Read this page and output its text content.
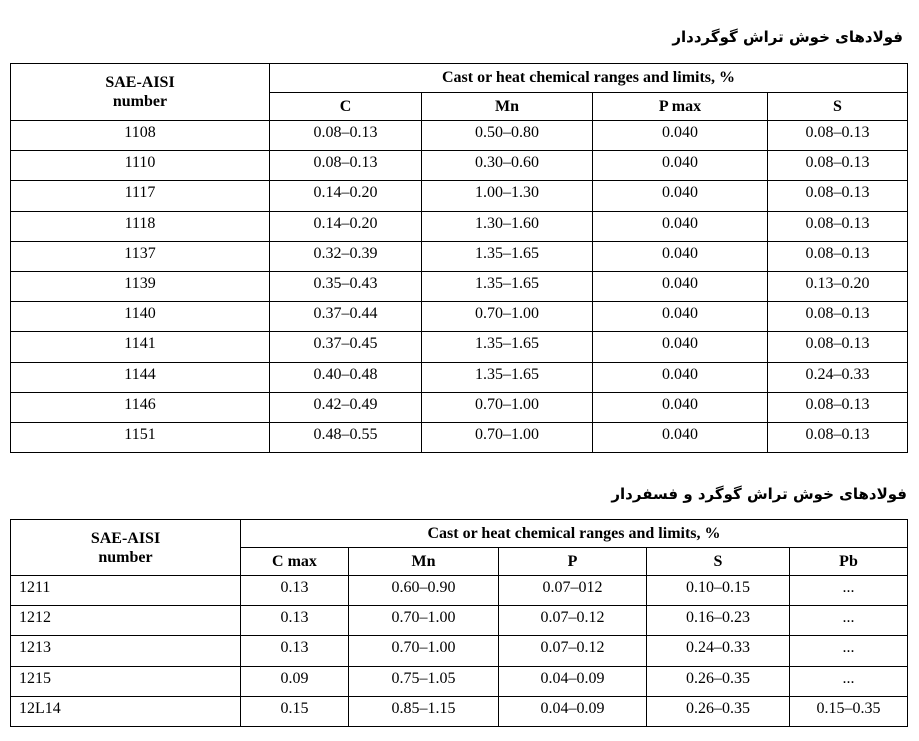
فولادهای خوش تراش گوگرددار
SAE-AISI
number	Cast or heat chemical ranges and limits, %			
	C	Mn	P max	S
1108	0.08–0.13	0.50–0.80	0.040	0.08–0.13
1110	0.08–0.13	0.30–0.60	0.040	0.08–0.13
1117	0.14–0.20	1.00–1.30	0.040	0.08–0.13
1118	0.14–0.20	1.30–1.60	0.040	0.08–0.13
1137	0.32–0.39	1.35–1.65	0.040	0.08–0.13
1139	0.35–0.43	1.35–1.65	0.040	0.13–0.20
1140	0.37–0.44	0.70–1.00	0.040	0.08–0.13
1141	0.37–0.45	1.35–1.65	0.040	0.08–0.13
1144	0.40–0.48	1.35–1.65	0.040	0.24–0.33
1146	0.42–0.49	0.70–1.00	0.040	0.08–0.13
1151	0.48–0.55	0.70–1.00	0.040	0.08–0.13
فولادهای خوش تراش گوگرد و فسفردار
SAE-AISI
number	Cast or heat chemical ranges and limits, %				
	C max	Mn	P	S	Pb
1211	0.13	0.60–0.90	0.07–012	0.10–0.15	...
1212	0.13	0.70–1.00	0.07–0.12	0.16–0.23	...
1213	0.13	0.70–1.00	0.07–0.12	0.24–0.33	...
1215	0.09	0.75–1.05	0.04–0.09	0.26–0.35	...
12L14	0.15	0.85–1.15	0.04–0.09	0.26–0.35	0.15–0.35
